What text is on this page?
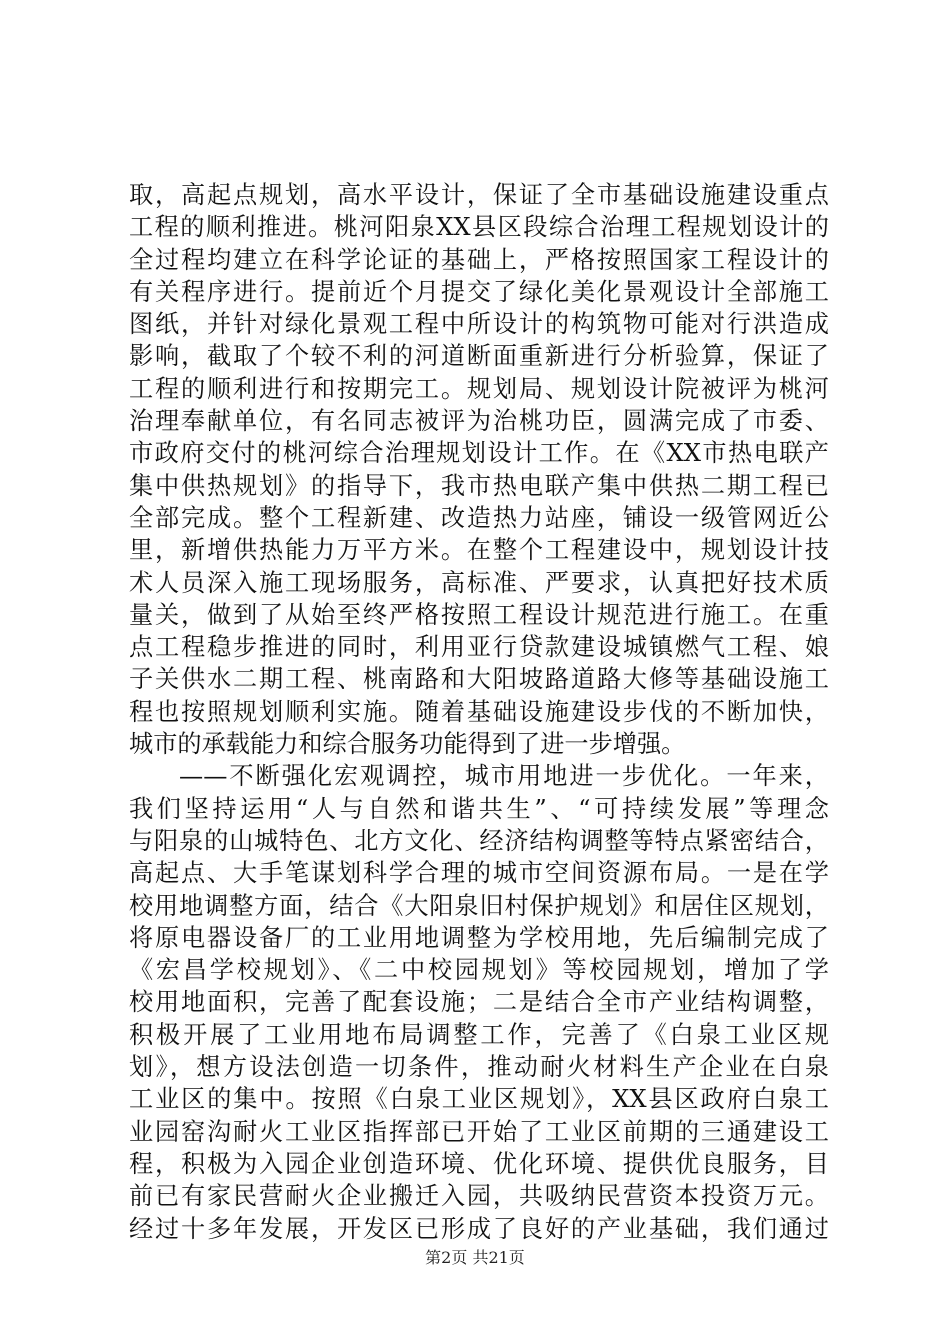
取，高起点规划，高水平设计，保证了全市基础设施建设重点
工程的顺利推进。桃河阳泉XX县区段综合治理工程规划设计的
全过程均建立在科学论证的基础上，严格按照国家工程设计的
有关程序进行。提前近个月提交了绿化美化景观设计全部施工
图纸，并针对绿化景观工程中所设计的构筑物可能对行洪造成
影响，截取了个较不利的河道断面重新进行分析验算，保证了
工程的顺利进行和按期完工。规划局、规划设计院被评为桃河
治理奉献单位，有名同志被评为治桃功臣，圆满完成了市委、
市政府交付的桃河综合治理规划设计工作。在《XX市热电联产
集中供热规划》的指导下，我市热电联产集中供热二期工程已
全部完成。整个工程新建、改造热力站座，铺设一级管网近公
里，新增供热能力万平方米。在整个工程建设中，规划设计技
术人员深入施工现场服务，高标准、严要求，认真把好技术质
量关，做到了从始至终严格按照工程设计规范进行施工。在重
点工程稳步推进的同时，利用亚行贷款建设城镇燃气工程、娘
子关供水二期工程、桃南路和大阳坡路道路大修等基础设施工
程也按照规划顺利实施。随着基础设施建设步伐的不断加快，
城市的承载能力和综合服务功能得到了进一步增强。
——不断强化宏观调控，城市用地进一步优化。一年来，
我们坚持运用“人与自然和谐共生”、“可持续发展”等理念
与阳泉的山城特色、北方文化、经济结构调整等特点紧密结合，
高起点、大手笔谋划科学合理的城市空间资源布局。一是在学
校用地调整方面，结合《大阳泉旧村保护规划》和居住区规划，
将原电器设备厂的工业用地调整为学校用地，先后编制完成了
《宏昌学校规划》、《二中校园规划》等校园规划，增加了学
校用地面积，完善了配套设施；二是结合全市产业结构调整，
积极开展了工业用地布局调整工作，完善了《白泉工业区规
划》，想方设法创造一切条件，推动耐火材料生产企业在白泉
工业区的集中。按照《白泉工业区规划》，XX县区政府白泉工
业园窑沟耐火工业区指挥部已开始了工业区前期的三通建设工
程，积极为入园企业创造环境、优化环境、提供优良服务，目
前已有家民营耐火企业搬迁入园，共吸纳民营资本投资万元。
经过十多年发展，开发区已形成了良好的产业基础，我们通过
第2页 共21页
